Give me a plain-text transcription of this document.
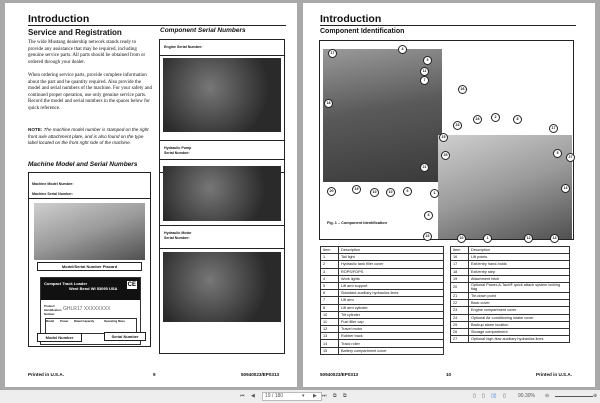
Introduction
Service and Registration
The wide Mustang dealership network stands ready to provide any assistance that may be required, including genuine service parts. All parts should be obtained from or ordered through your dealer.
When ordering service parts, provide complete information about the part and he quantity required. Also provide the model and serial numbers of the machine. For your safety and continued proper operation, use only genuine service parts. Record the model and serial numbers in the spaces below for quick reference.
NOTE: The machine model number is stamped on the right front axle attachment plate, and is also found on the type label located on the front right side of the machine.
Machine Model and Serial Numbers
Machine Model Number:
Machine Serial Number:
Model/Serial Number Placard
Compact Track Loader
West Bend WI 53095 USA
CE
Product Identification Number
GHLR17 XXXXXXXX
Model	Power	Rated Capacity	Operating Mass
Model Number	Serial Number
Component Serial Numbers
Engine Serial Number:
Hydraulic Pump
Serial Number:
Hydraulic Motor
Serial Number:
Printed in U.S.A.	9	50940023/EP0313
Introduction
Component Identification
17
4
3
11
7
26
18
20	19
10	10	6
21
24	2	8
23
15
25
17
5
27
1
4
13
22	10	1	12	14
Fig. 1 – Component Identification
Item	Description
1	Tail light
2	Hydraulic tank filler cover
3	ROPS/FOPS
4	Work lights
5	Lift arm support
6	Standard auxiliary hydraulics lines
7	Lift arm
8	Lift arm cylinder
10	Tilt cylinder
11	Fuel filler cap
12	Travel motor
13	Rubber track
14	Track roller
15	Battery compartment cover
Item	Description
16	Lift points
17	Exit/entry hand-holds
18	Exit/entry step
19	Attachment hitch
20	Optional Power-A-Tach® quick attach system locking flag
21	Tie-down point
22	Back cover
23	Engine compartment cover
24	Optional Air conditioning intake cover
25	Backup alarm location
26	Storage compartment
27	Optional high-flow auxiliary hydraulics lines
50940023/EP0313	10	Printed in U.S.A.
⏮ ◀	19 / 180	▾ ▶ ⏭ ⧉ ⧉	▯ ▯ ▯▯ ▯ 90.30% ⊖	⊕
